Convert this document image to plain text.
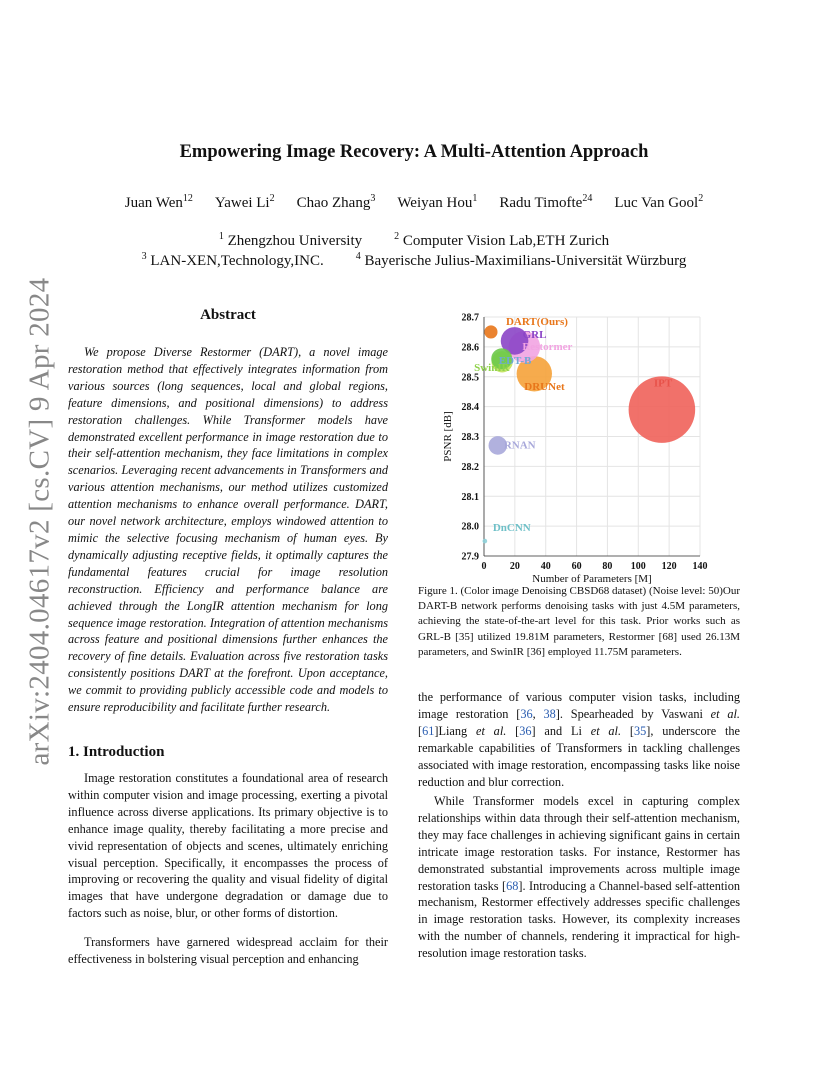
arXiv:2404.04617v2 [cs.CV] 9 Apr 2024
Empowering Image Recovery: A Multi-Attention Approach
Juan Wen$^{12}$ Yawei Li$^2$ Chao Zhang$^3$ Weiyan Hou$^1$ Radu Timofte$^{24}$ Luc Van Gool$^2$
$^1$ Zhengzhou University	$^2$ Computer Vision Lab,ETH Zurich
$^3$ LAN-XEN,Technology,INC.	$^4$ Bayerische Julius-Maximilians-Universität Würzburg
Abstract
We propose Diverse Restormer (DART), a novel image restoration method that effectively integrates information from various sources (long sequences, local and global regions, feature dimensions, and positional dimensions) to address restoration challenges. While Transformer models have demonstrated excellent performance in image restoration due to their self-attention mechanism, they face limitations in complex scenarios. Leveraging recent advancements in Transformers and various attention mechanisms, our method utilizes customized attention mechanisms to enhance overall performance. DART, our novel network architecture, employs windowed attention to mimic the selective focusing mechanism of human eyes. By dynamically adjusting receptive fields, it optimally captures the fundamental features crucial for image resolution reconstruction. Efficiency and performance balance are achieved through the LongIR attention mechanism for long sequence image restoration. Integration of attention mechanisms across feature and positional dimensions further enhances the recovery of fine details. Evaluation across five restoration tasks consistently positions DART at the forefront. Upon acceptance, we commit to providing publicly accessible code and models to ensure reproducibility and facilitate further research.
1. Introduction
Image restoration constitutes a foundational area of research within computer vision and image processing, exerting a pivotal influence across diverse applications. Its primary objective is to enhance image quality, thereby facilitating a more precise and vivid representation of objects and scenes, ultimately enriching visual perception. Specifically, it encompasses the process of improving or recovering the quality and visual fidelity of digital images that have undergone degradation or damage due to factors such as noise, blur, or other forms of distortion.
Transformers have garnered widespread acclaim for their effectiveness in bolstering visual perception and enhancing
0 20 40 60 80 100 120 140
27.9
28.0
28.1
28.2
28.3
28.4
28.5
28.6
28.7
Number of Parameters [M]
PSNR [dB]
DART(Ours)
GRL
Restormer
EDT-B
SwinIR
DRUNet	IPT
RNAN
DnCNN
Figure 1. (Color image Denoising CBSD68 dataset) (Noise level: 50)Our DART-B network performs denoising tasks with just 4.5M parameters, achieving the state-of-the-art level for this task. Prior works such as GRL-B [35] utilized 19.81M parameters, Restormer [68] used 26.13M parameters, and SwinIR [36] employed 11.75M parameters.
the performance of various computer vision tasks, including image restoration [36, 38]. Spearheaded by Vaswani et al. [61]Liang et al. [36] and Li et al. [35], underscore the remarkable capabilities of Transformers in tackling challenges associated with image restoration, encompassing tasks like noise reduction and blur correction.
While Transformer models excel in capturing complex relationships within data through their self-attention mechanism, they may face challenges in achieving significant gains in certain intricate image restoration tasks. For instance, Restormer has demonstrated substantial improvements across multiple image restoration tasks [68]. Introducing a Channel-based self-attention mechanism, Restormer effectively addresses specific challenges in image restoration tasks. However, its complexity increases with the number of channels, rendering it impractical for high-resolution image restoration tasks.
